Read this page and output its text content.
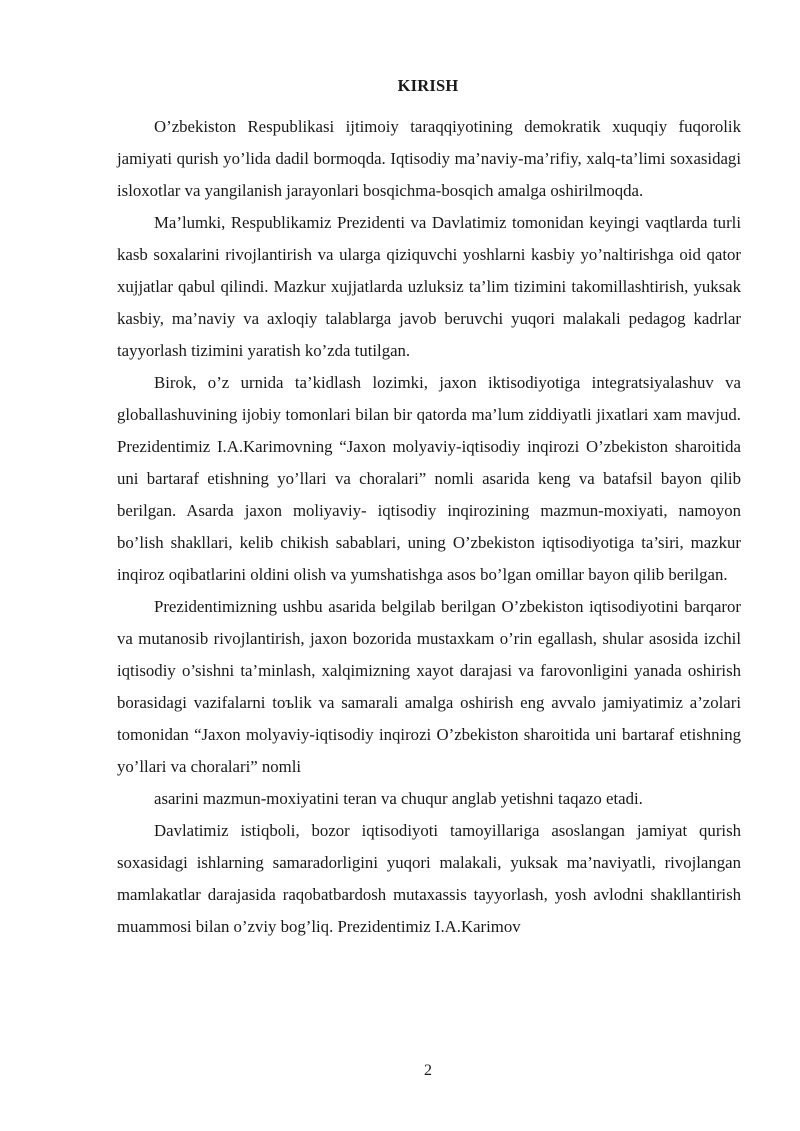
KIRISH

O’zbekiston Respublikasi ijtimoiy taraqqiyotining demokratik xuquqiy fuqorolik jamiyati qurish yo’lida dadil bormoqda. Iqtisodiy ma’naviy-ma’rifiy, xalq-ta’limi soxasidagi isloxotlar va yangilanish jarayonlari bosqichma-bosqich amalga oshirilmoqda.

Ma’lumki, Respublikamiz Prezidenti va Davlatimiz tomonidan keyingi vaqtlarda turli kasb soxalarini rivojlantirish va ularga qiziquvchi yoshlarni kasbiy yo’naltirishga oid qator xujjatlar qabul qilindi. Mazkur xujjatlarda uzluksiz ta’lim tizimini takomillashtirish, yuksak kasbiy, ma’naviy va axloqiy talablarga javob beruvchi yuqori malakali pedagog kadrlar tayyorlash tizimini yaratish ko’zda tutilgan.

Birok, o’z urnida ta’kidlash lozimki, jaxon iktisodiyotiga integratsiyalashuv va globallashuvining ijobiy tomonlari bilan bir qatorda ma’lum ziddiyatli jixatlari xam mavjud. Prezidentimiz I.A.Karimovning “Jaxon molyaviy-iqtisodiy inqirozi O’zbekiston sharoitida uni bartaraf etishning yo’llari va choralari” nomli asarida keng va batafsil bayon qilib berilgan. Asarda jaxon moliyaviy- iqtisodiy inqirozining mazmun-moxiyati, namoyon bo’lish shakllari, kelib chikish sabablari, uning O’zbekiston iqtisodiyotiga ta’siri, mazkur inqiroz oqibatlarini oldini olish va yumshatishga asos bo’lgan omillar bayon qilib berilgan.

Prezidentimizning ushbu asarida belgilab berilgan O’zbekiston iqtisodiyotini barqaror va mutanosib rivojlantirish, jaxon bozorida mustaxkam o’rin egallash, shular asosida izchil iqtisodiy o’sishni ta’minlash, xalqimizning xayot darajasi va farovonligini yanada oshirish borasidagi vazifalarni toъlik va samarali amalga oshirish eng avvalo jamiyatimiz a’zolari tomonidan “Jaxon molyaviy-iqtisodiy inqirozi O’zbekiston sharoitida uni bartaraf etishning yo’llari va choralari” nomli

asarini mazmun-moxiyatini teran va chuqur anglab yetishni taqazo etadi.

Davlatimiz istiqboli, bozor iqtisodiyoti tamoyillariga asoslangan jamiyat qurish soxasidagi ishlarning samaradorligini yuqori malakali, yuksak ma’naviyatli, rivojlangan mamlakatlar darajasida raqobatbardosh mutaxassis tayyorlash, yosh avlodni shakllantirish muammosi bilan o’zviy bog’liq. Prezidentimiz I.A.Karimov

2
